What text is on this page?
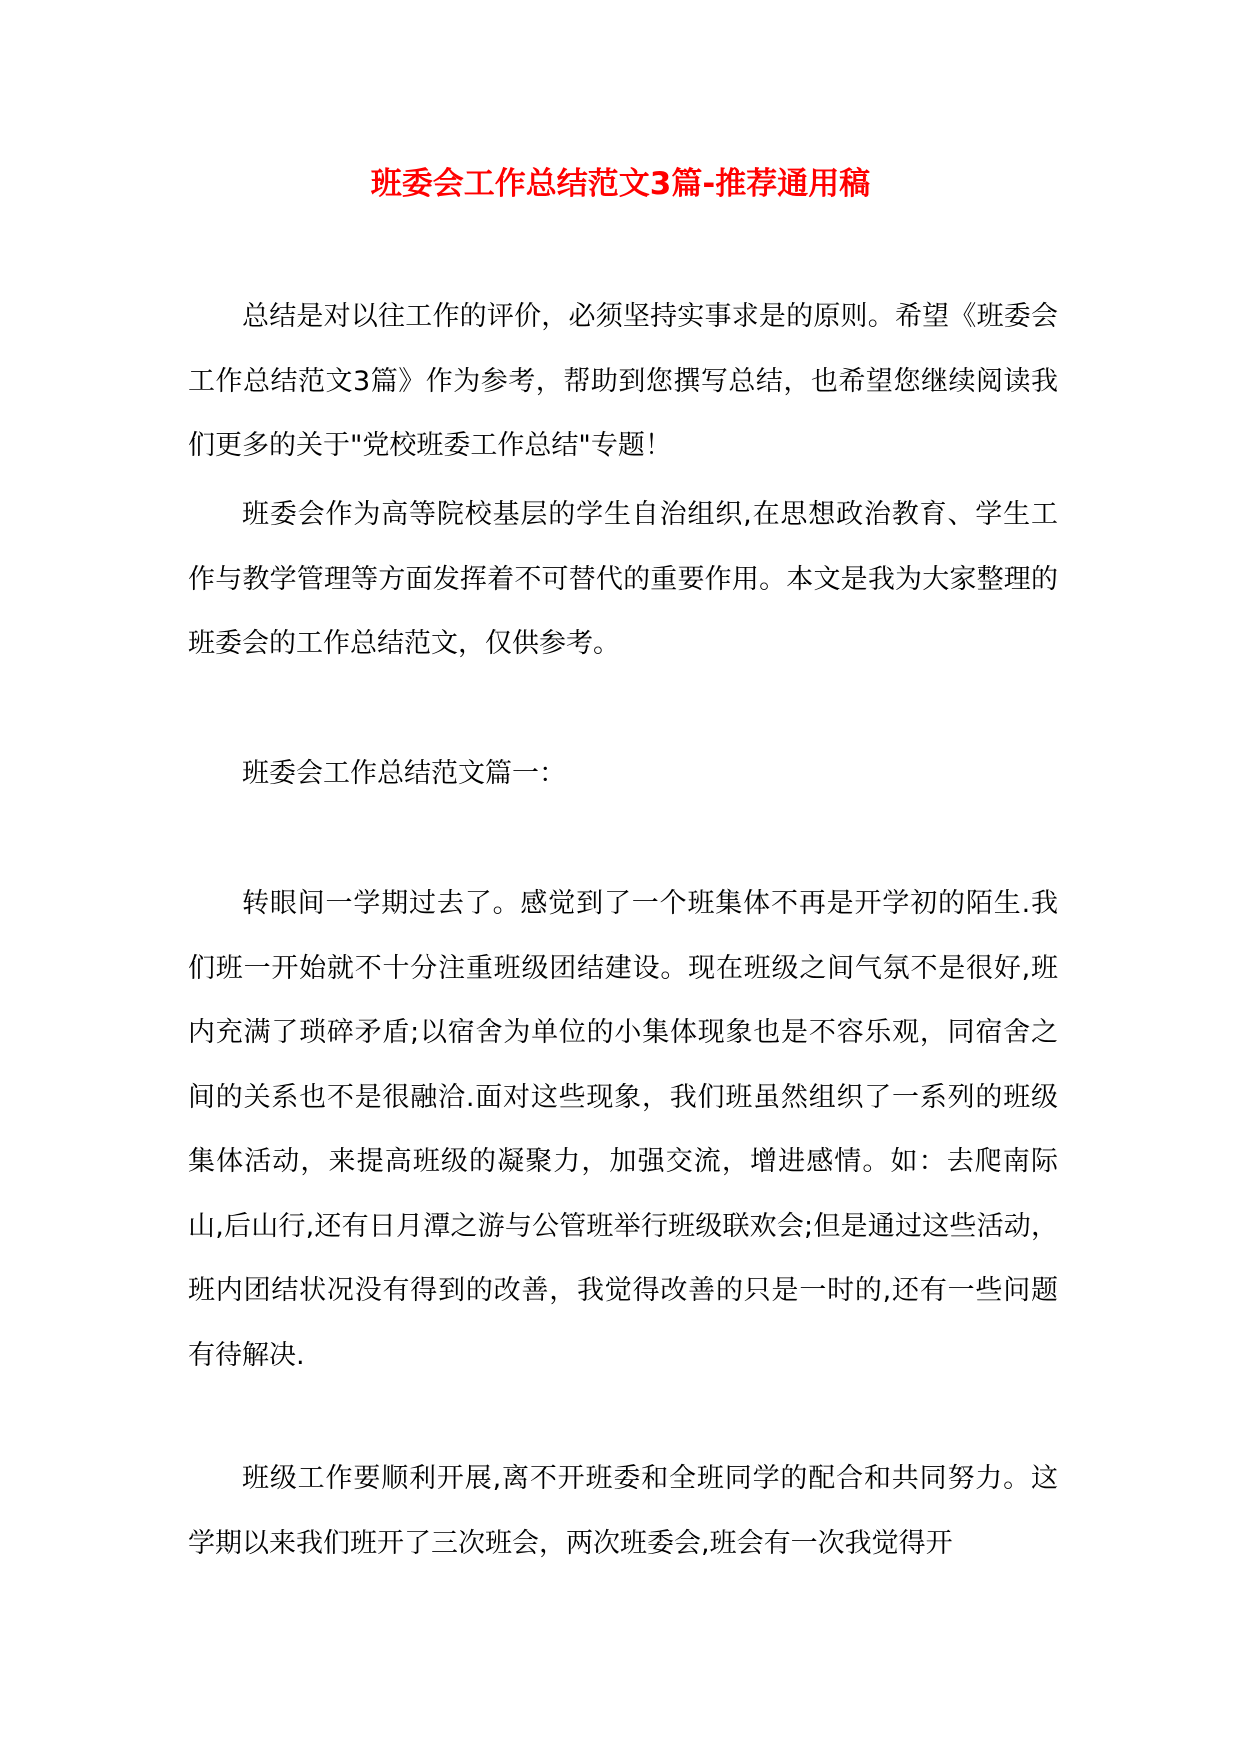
班委会工作总结范文3篇-推荐通用稿

总结是对以往工作的评价，必须坚持实事求是的原则。希望《班委会工作总结范文3篇》作为参考，帮助到您撰写总结，也希望您继续阅读我们更多的关于"党校班委工作总结"专题！

班委会作为高等院校基层的学生自治组织,在思想政治教育、学生工作与教学管理等方面发挥着不可替代的重要作用。本文是我为大家整理的班委会的工作总结范文，仅供参考。

班委会工作总结范文篇一：

转眼间一学期过去了。感觉到了一个班集体不再是开学初的陌生.我们班一开始就不十分注重班级团结建设。现在班级之间气氛不是很好,班内充满了琐碎矛盾;以宿舍为单位的小集体现象也是不容乐观，同宿舍之间的关系也不是很融洽.面对这些现象，我们班虽然组织了一系列的班级集体活动，来提高班级的凝聚力，加强交流，增进感情。如：去爬南际山,后山行,还有日月潭之游与公管班举行班级联欢会;但是通过这些活动，班内团结状况没有得到的改善，我觉得改善的只是一时的,还有一些问题有待解决.

班级工作要顺利开展,离不开班委和全班同学的配合和共同努力。这学期以来我们班开了三次班会，两次班委会,班会有一次我觉得开
